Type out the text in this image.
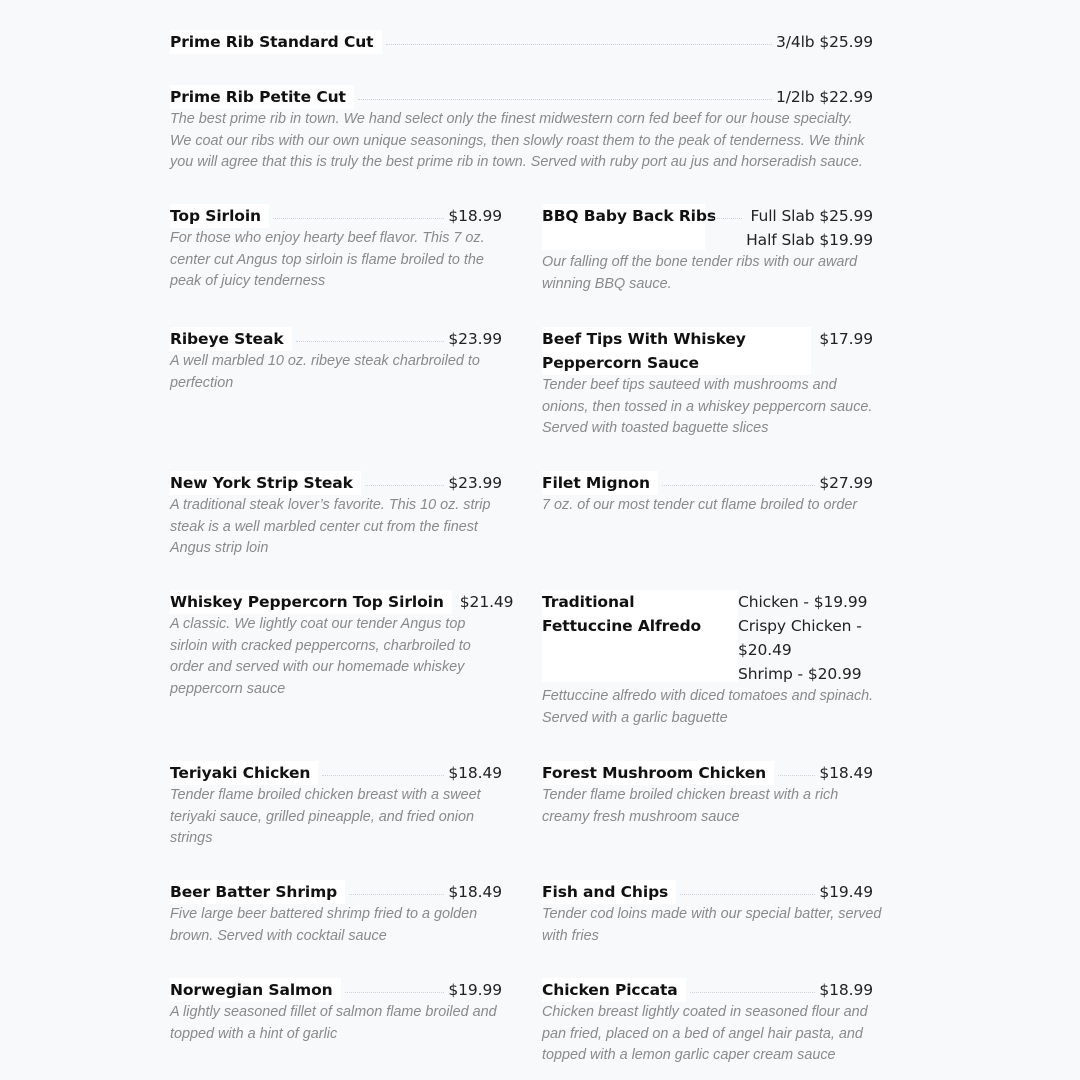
Prime Rib Standard Cut	3/4lb $25.99
Prime Rib Petite Cut	1/2lb $22.99
The best prime rib in town. We hand select only the finest midwestern corn fed beef for our house specialty. We coat our ribs with our own unique seasonings, then slowly roast them to the peak of tenderness. We think you will agree that this is truly the best prime rib in town. Served with ruby port au jus and horseradish sauce.
Top Sirloin	$18.99
For those who enjoy hearty beef flavor. This 7 oz. center cut Angus top sirloin is flame broiled to the peak of juicy tenderness
Ribeye Steak	$23.99
A well marbled 10 oz. ribeye steak charbroiled to perfection
New York Strip Steak	$23.99
A traditional steak lover’s favorite. This 10 oz. strip steak is a well marbled center cut from the finest Angus strip loin
Whiskey Peppercorn Top Sirloin	$21.49
A classic. We lightly coat our tender Angus top sirloin with cracked peppercorns, charbroiled to order and served with our homemade whiskey peppercorn sauce
Teriyaki Chicken	$18.49
Tender flame broiled chicken breast with a sweet teriyaki sauce, grilled pineapple, and fried onion strings
Beer Batter Shrimp	$18.49
Five large beer battered shrimp fried to a golden brown. Served with cocktail sauce
Norwegian Salmon	$19.99
A lightly seasoned fillet of salmon flame broiled and topped with a hint of garlic
BBQ Baby Back Ribs Full Slab $25.99
Half Slab $19.99
Our falling off the bone tender ribs with our award winning BBQ sauce.
Beef Tips With Whiskey Peppercorn Sauce
$17.99
Tender beef tips sauteed with mushrooms and onions, then tossed in a whiskey peppercorn sauce. Served with toasted baguette slices
Filet Mignon	$27.99
7 oz. of our most tender cut flame broiled to order
Traditional Fettuccine Alfredo
Chicken - $19.99
Crispy Chicken - $20.49
Shrimp - $20.99
Fettuccine alfredo with diced tomatoes and spinach. Served with a garlic baguette
Forest Mushroom Chicken	$18.49
Tender flame broiled chicken breast with a rich creamy fresh mushroom sauce
Fish and Chips	$19.49
Tender cod loins made with our special batter, served with fries
Chicken Piccata	$18.99
Chicken breast lightly coated in seasoned flour and pan fried, placed on a bed of angel hair pasta, and topped with a lemon garlic caper cream sauce
